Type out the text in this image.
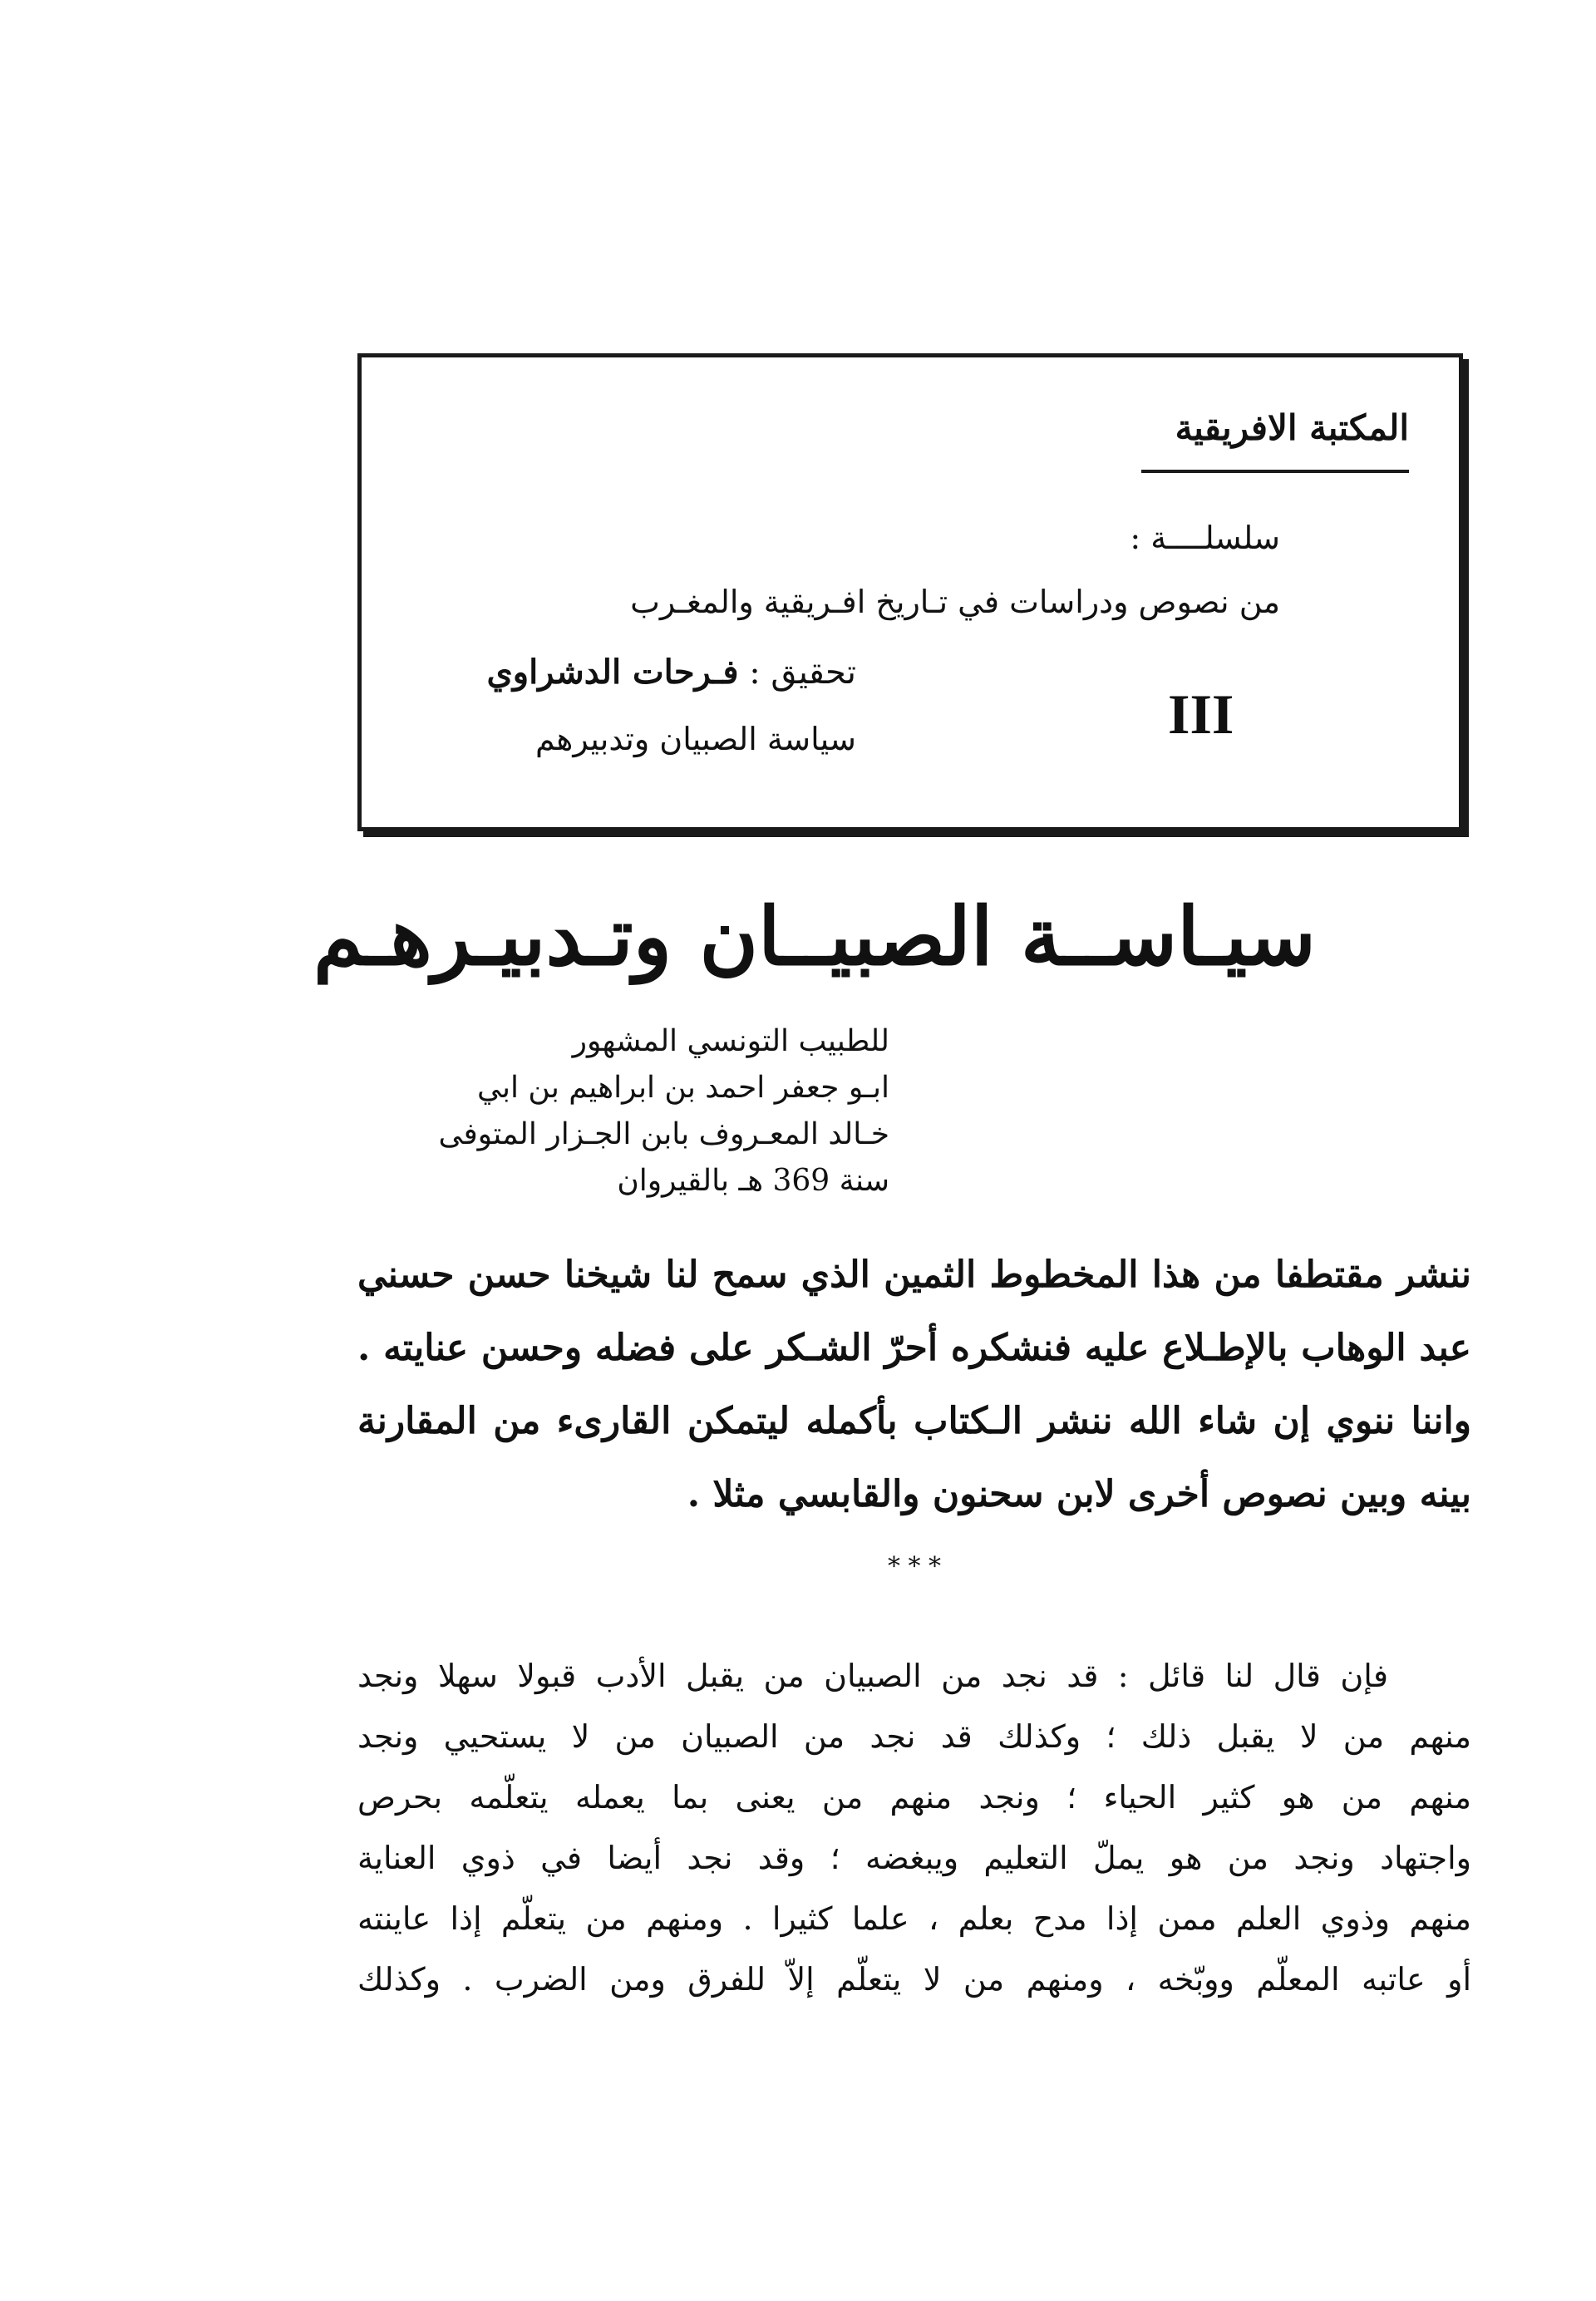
المكتبة الافريقية
سلسلــــة :
من نصوص ودراسات في تـاريخ افـريقية والمغـرب
تحقيق : فـرحات الدشراوي
سياسة الصبيان وتدبيرهم	III
سيـاســة الصبيــان وتـدبيـرهـم
للطبيب التونسي المشهور
ابـو جعفر احمد بن ابراهيم بن ابي
خـالد المعـروف بابن الجـزار المتوفى
سنة 369 هـ بالقيروان
ننشر مقتطفا من هذا المخطوط الثمين الذي سمح لنا شيخنا حسن حسني عبد الوهاب بالإطـلاع عليه فنشكره أحرّ الشـكر على فضله وحسن عنايته . واننا ننوي إن شاء الله ننشر الـكتاب بأكمله ليتمكن القارىء من المقارنة بينه وبين نصوص أخرى لابن سحنون والقابسي مثلا .
* * *
فإن قال لنا قائل : قد نجد من الصبيان من يقبل الأدب قبولا سهلا ونجد
منهم من لا يقبل ذلك ؛ وكذلك قد نجد من الصبيان من لا يستحيي ونجد
منهم من هو كثير الحياء ؛ ونجد منهم من يعنى بما يعمله يتعلّمه بحرص
واجتهاد ونجد من هو يملّ التعليم ويبغضه ؛ وقد نجد أيضا في ذوي العناية
منهم وذوي العلم ممن إذا مدح بعلم ، علما كثيرا . ومنهم من يتعلّم إذا عاينته
أو عاتبه المعلّم ووبّخه ، ومنهم من لا يتعلّم إلاّ للفرق ومن الضرب . وكذلك
